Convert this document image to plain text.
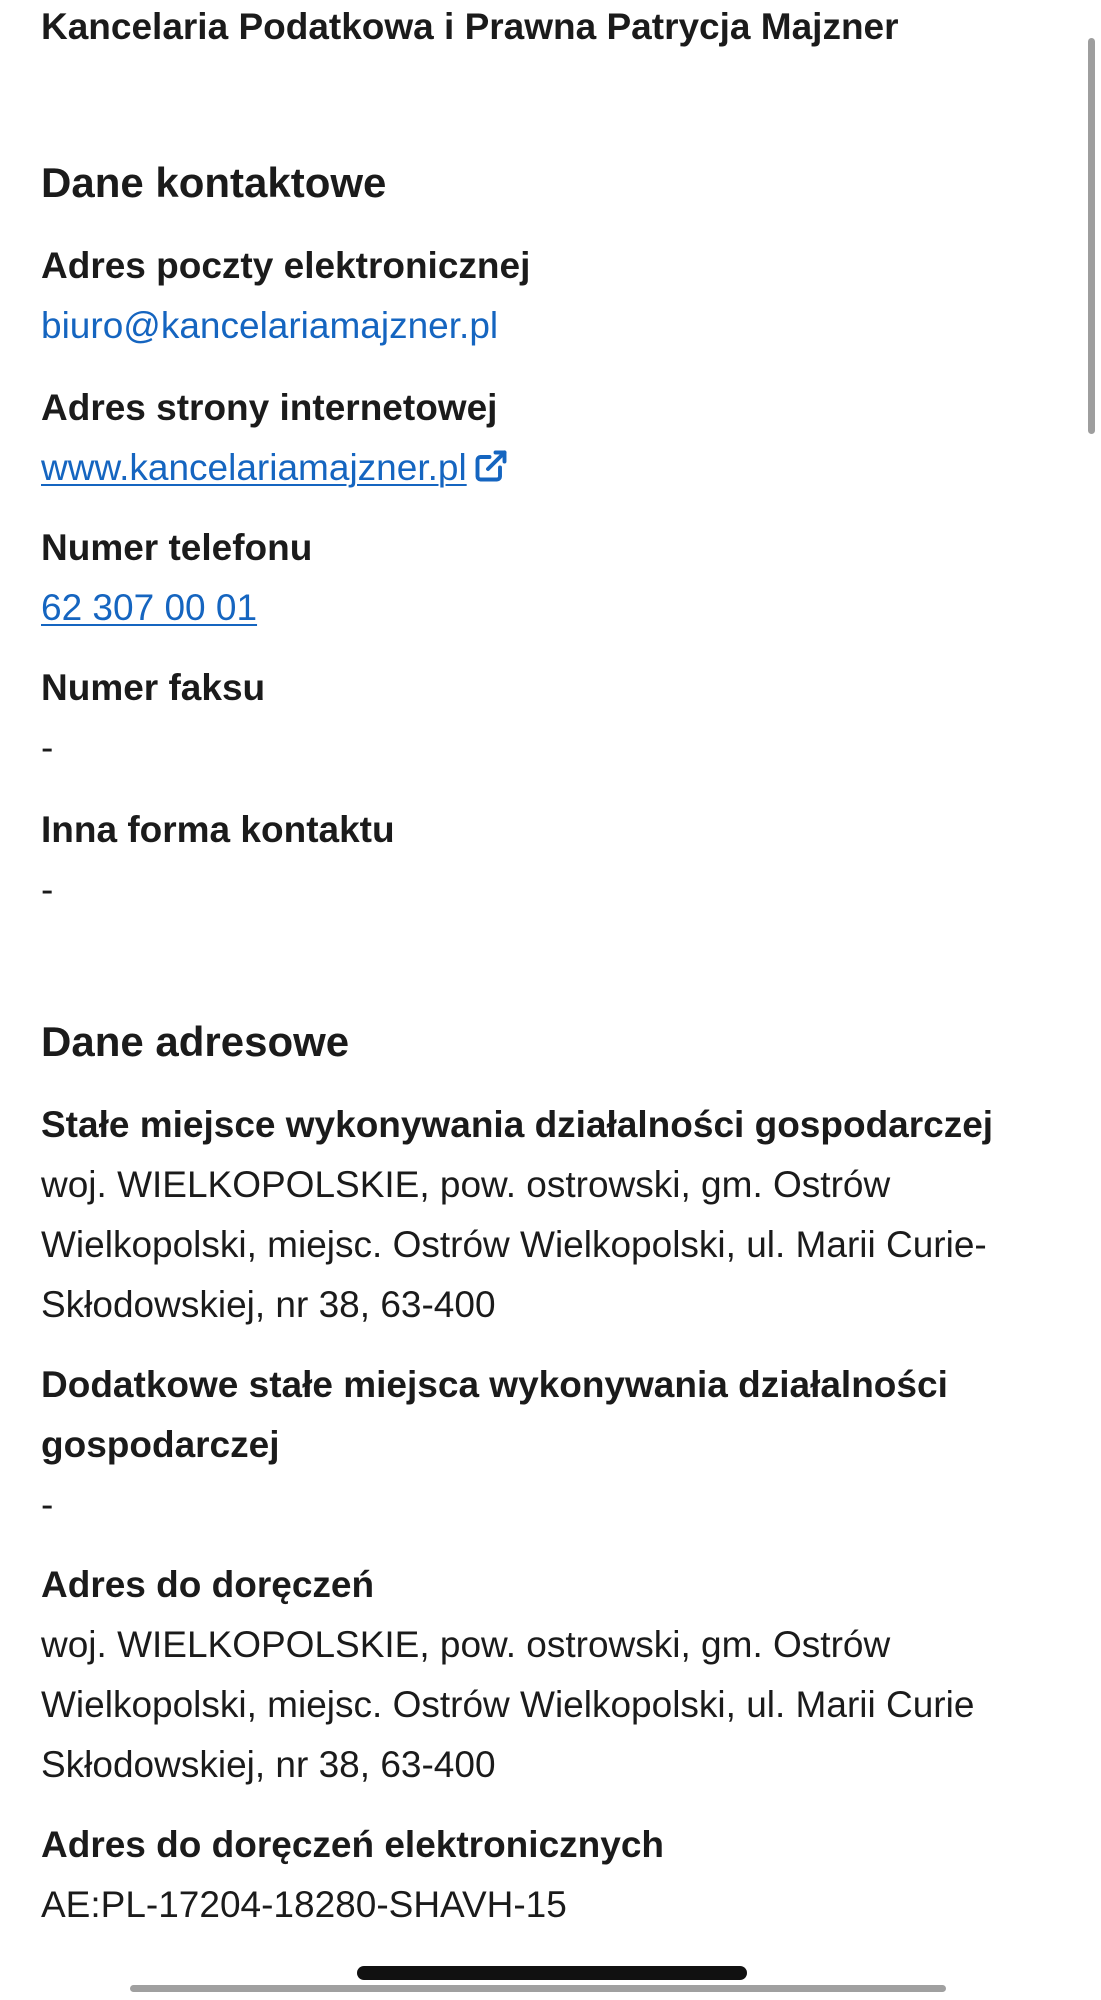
Kancelaria Podatkowa i Prawna Patrycja Majzner
Dane kontaktowe
Adres poczty elektronicznej
biuro@kancelariamajzner.pl
Adres strony internetowej
www.kancelariamajzner.pl
Numer telefonu
62 307 00 01
Numer faksu
-
Inna forma kontaktu
-
Dane adresowe
Stałe miejsce wykonywania działalności gospodarczej
woj. WIELKOPOLSKIE, pow. ostrowski, gm. Ostrów Wielkopolski, miejsc. Ostrów Wielkopolski, ul. Marii Curie-Skłodowskiej, nr 38, 63-400
Dodatkowe stałe miejsca wykonywania działalności gospodarczej
-
Adres do doręczeń
woj. WIELKOPOLSKIE, pow. ostrowski, gm. Ostrów Wielkopolski, miejsc. Ostrów Wielkopolski, ul. Marii Curie Skłodowskiej, nr 38, 63-400
Adres do doręczeń elektronicznych
AE:PL-17204-18280-SHAVH-15
